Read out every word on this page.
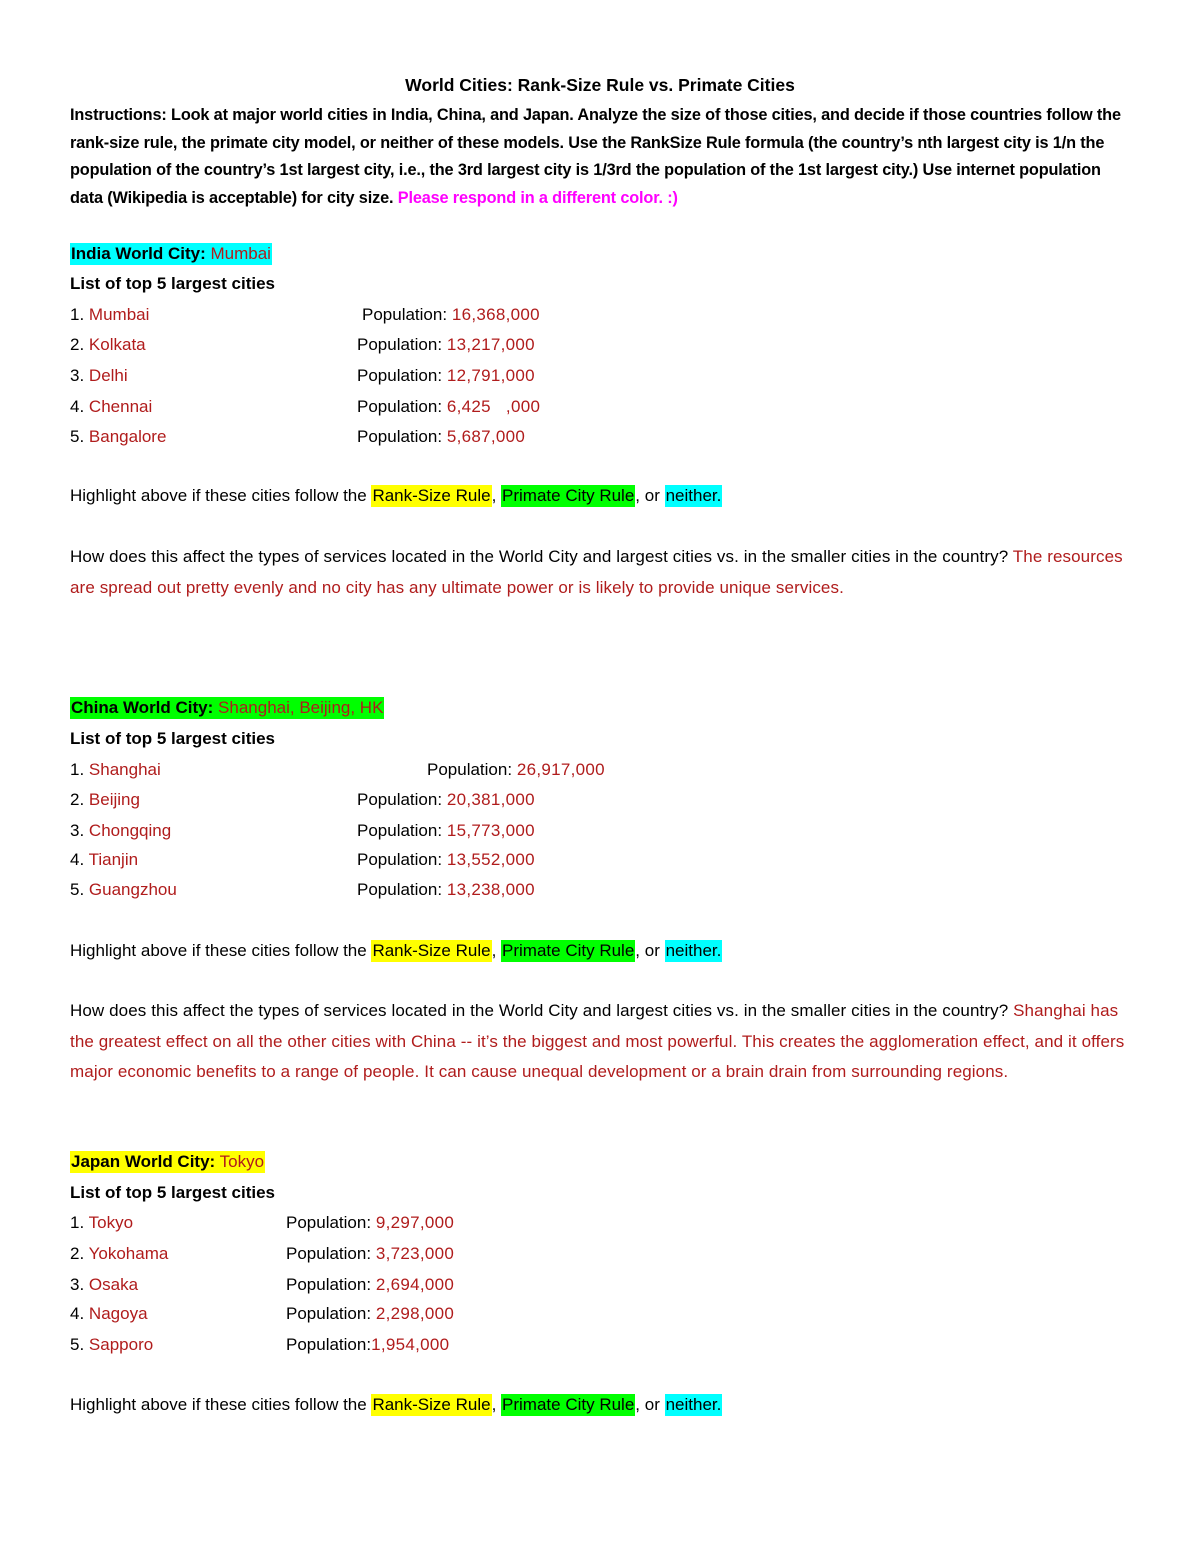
World Cities: Rank-Size Rule vs. Primate Cities
Instructions: Look at major world cities in India, China, and Japan. Analyze the size of those cities, and decide if those countries follow the rank-size rule, the primate city model, or neither of these models. Use the RankSize Rule formula (the country’s nth largest city is 1/n the population of the country’s 1st largest city, i.e., the 3rd largest city is 1/3rd the population of the 1st largest city.) Use internet population data (Wikipedia is acceptable) for city size. Please respond in a different color. :)
India World City: Mumbai
List of top 5 largest cities
1. Mumbai	Population: 16,368,000
2. Kolkata	Population: 13,217,000
3. Delhi	Population: 12,791,000
4. Chennai	Population: 6,425   ,000
5. Bangalore	Population: 5,687,000
Highlight above if these cities follow the Rank-Size Rule, Primate City Rule, or neither.
How does this affect the types of services located in the World City and largest cities vs. in the smaller cities in the country? The resources are spread out pretty evenly and no city has any ultimate power or is likely to provide unique services.
China World City: Shanghai, Beijing, HK
List of top 5 largest cities
1. Shanghai	Population: 26,917,000
2. Beijing	Population: 20,381,000
3. Chongqing	Population: 15,773,000
4. Tianjin	Population: 13,552,000
5. Guangzhou	Population: 13,238,000
Highlight above if these cities follow the Rank-Size Rule, Primate City Rule, or neither.
How does this affect the types of services located in the World City and largest cities vs. in the smaller cities in the country? Shanghai has the greatest effect on all the other cities with China -- it’s the biggest and most powerful. This creates the agglomeration effect, and it offers major economic benefits to a range of people. It can cause unequal development or a brain drain from surrounding regions.
Japan World City: Tokyo
List of top 5 largest cities
1. Tokyo	Population: 9,297,000
2. Yokohama	Population: 3,723,000
3. Osaka	Population: 2,694,000
4. Nagoya	Population: 2,298,000
5. Sapporo	Population:1,954,000
Highlight above if these cities follow the Rank-Size Rule, Primate City Rule, or neither.
